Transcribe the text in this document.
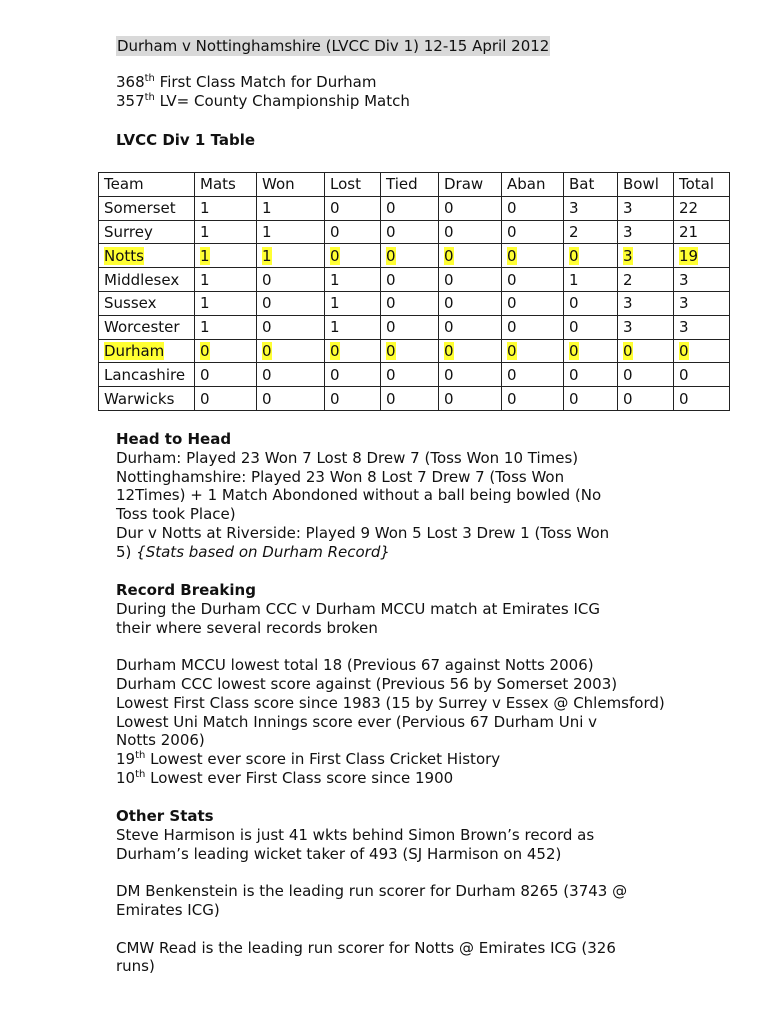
Durham v Nottinghamshire (LVCC Div 1) 12-15 April 2012
368th First Class Match for Durham
357th LV= County Championship Match
LVCC Div 1 Table
Team	Mats	Won	Lost	Tied	Draw	Aban	Bat	Bowl	Total
Somerset	1	1	0	0	0	0	3	3	22
Surrey	1	1	0	0	0	0	2	3	21
Notts	1	1	0	0	0	0	0	3	19
Middlesex	1	0	1	0	0	0	1	2	3
Sussex	1	0	1	0	0	0	0	3	3
Worcester	1	0	1	0	0	0	0	3	3
Durham	0	0	0	0	0	0	0	0	0
Lancashire	0	0	0	0	0	0	0	0	0
Warwicks	0	0	0	0	0	0	0	0	0
Head to Head
Durham: Played 23 Won 7 Lost 8 Drew 7 (Toss Won 10 Times)
Nottinghamshire: Played 23 Won 8 Lost 7 Drew 7 (Toss Won
12Times) + 1 Match Abondoned without a ball being bowled (No
Toss took Place)
Dur v Notts at Riverside: Played 9 Won 5 Lost 3 Drew 1 (Toss Won
5) {Stats based on Durham Record}
Record Breaking
During the Durham CCC v Durham MCCU match at Emirates ICG
their where several records broken
Durham MCCU lowest total 18 (Previous 67 against Notts 2006)
Durham CCC lowest score against (Previous 56 by Somerset 2003)
Lowest First Class score since 1983 (15 by Surrey v Essex @ Chlemsford)
Lowest Uni Match Innings score ever (Pervious 67 Durham Uni v
Notts 2006)
19th Lowest ever score in First Class Cricket History
10th Lowest ever First Class score since 1900
Other Stats
Steve Harmison is just 41 wkts behind Simon Brown’s record as
Durham’s leading wicket taker of 493 (SJ Harmison on 452)
DM Benkenstein is the leading run scorer for Durham 8265 (3743 @
Emirates ICG)
CMW Read is the leading run scorer for Notts @ Emirates ICG (326
runs)
